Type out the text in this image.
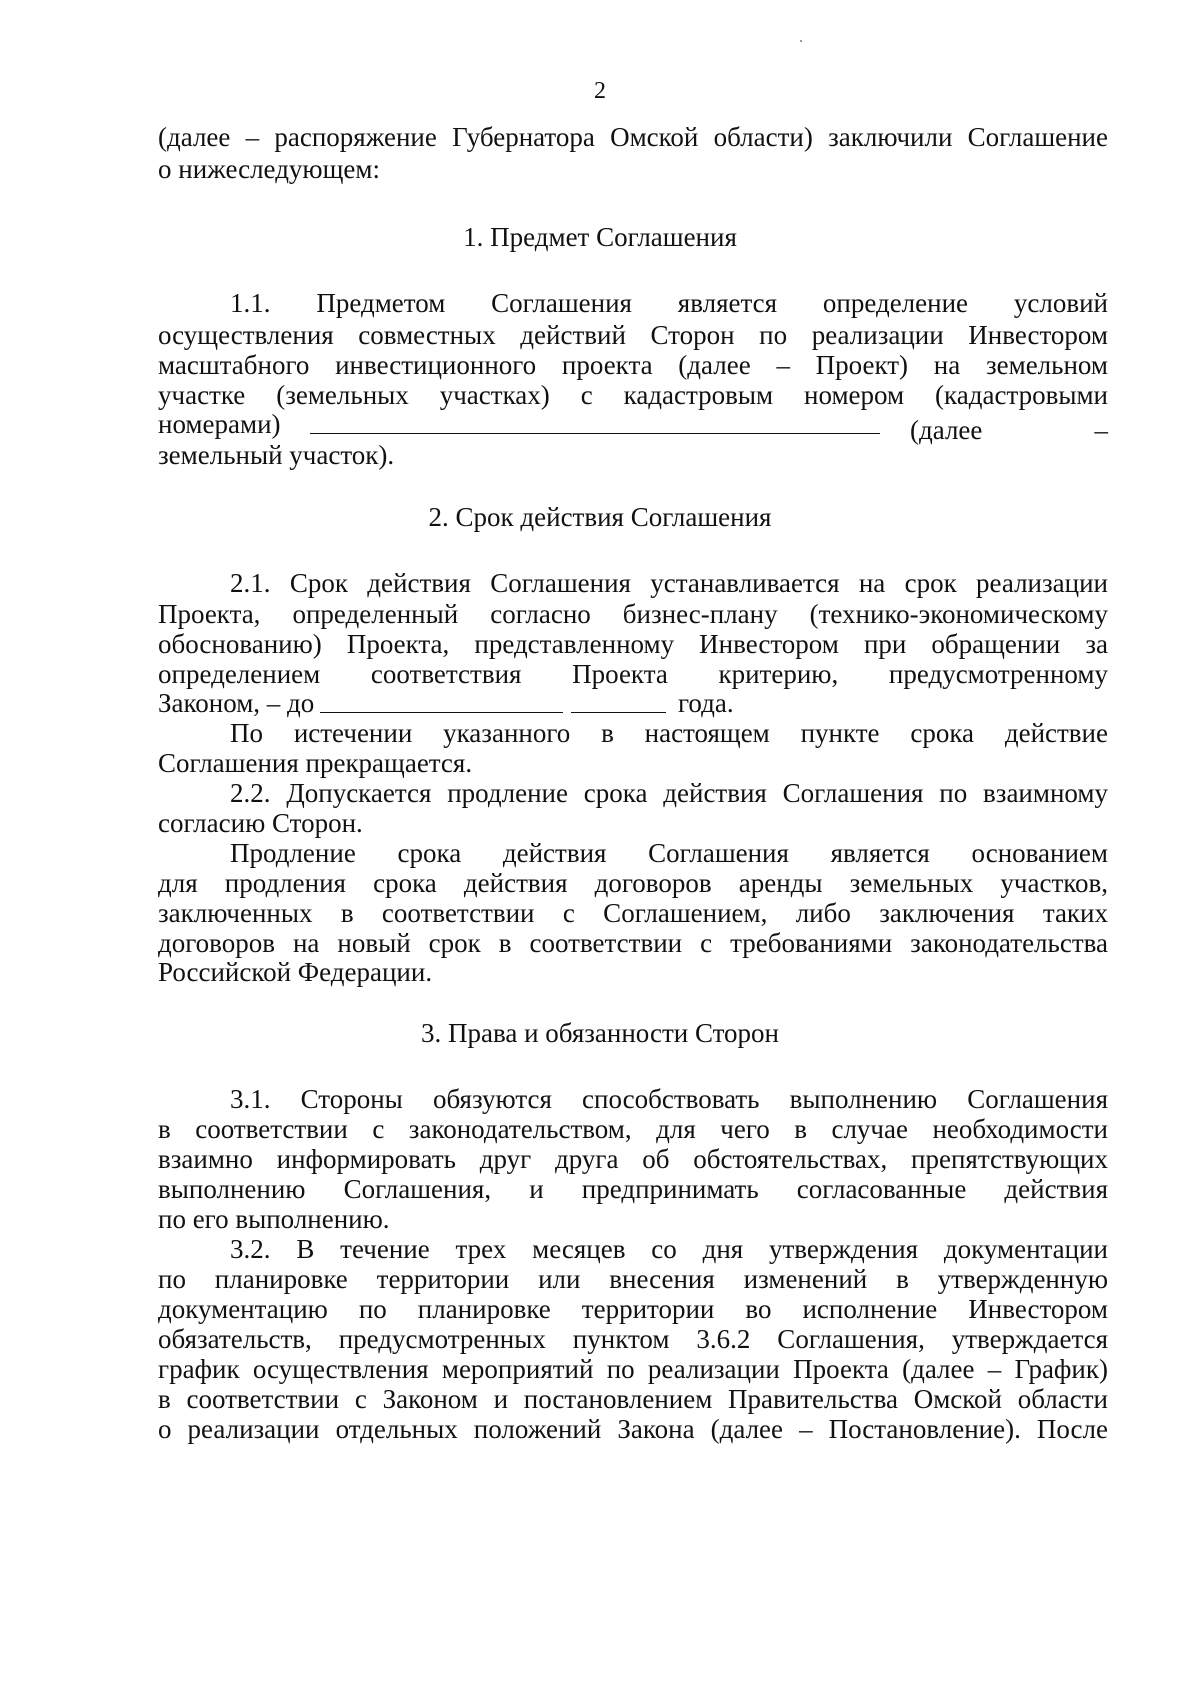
2
(далее – распоряжение Губернатора Омской области) заключили Соглашение
о нижеследующем:
1. Предмет Соглашения
1.1. Предметом Соглашения является определение условий
осуществления совместных действий Сторон по реализации Инвестором
масштабного инвестиционного проекта (далее – Проект) на земельном
участке (земельных участках) с кадастровым номером (кадастровыми
номерами)	(далее –
земельный участок).
2. Срок действия Соглашения
2.1. Срок действия Соглашения устанавливается на срок реализации
Проекта, определенный согласно бизнес-плану (технико-экономическому
обоснованию) Проекта, представленному Инвестором при обращении за
определением соответствия Проекта критерию, предусмотренному
Законом, – до	года.
По истечении указанного в настоящем пункте срока действие
Соглашения прекращается.
2.2. Допускается продление срока действия Соглашения по взаимному
согласию Сторон.
Продление срока действия Соглашения является основанием
для продления срока действия договоров аренды земельных участков,
заключенных в соответствии с Соглашением, либо заключения таких
договоров на новый срок в соответствии с требованиями законодательства
Российской Федерации.
3. Права и обязанности Сторон
3.1. Стороны обязуются способствовать выполнению Соглашения
в соответствии с законодательством, для чего в случае необходимости
взаимно информировать друг друга об обстоятельствах, препятствующих
выполнению Соглашения, и предпринимать согласованные действия
по его выполнению.
3.2. В течение трех месяцев со дня утверждения документации
по планировке территории или внесения изменений в утвержденную
документацию по планировке территории во исполнение Инвестором
обязательств, предусмотренных пунктом 3.6.2 Соглашения, утверждается
график осуществления мероприятий по реализации Проекта (далее – График)
в соответствии с Законом и постановлением Правительства Омской области
о реализации отдельных положений Закона (далее – Постановление). После
